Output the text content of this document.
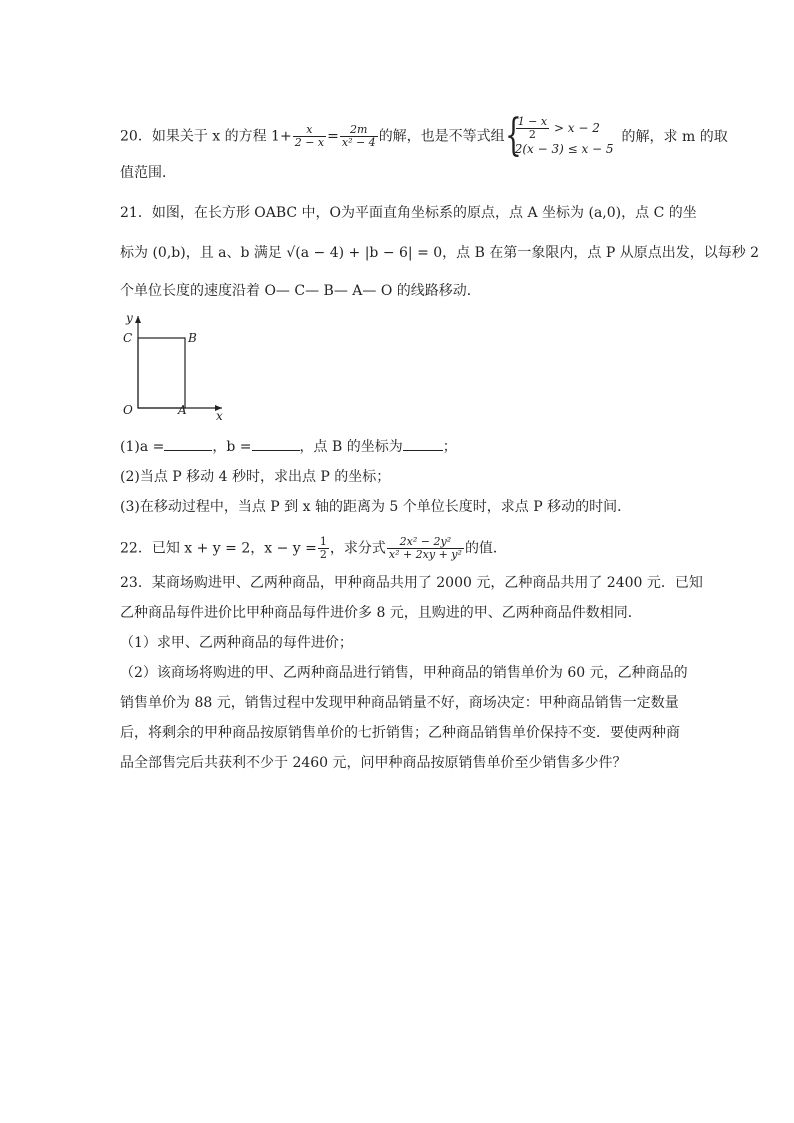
20．如果关于 x 的方程 $1+ \frac{x}{2 - x} = \frac{2m}{\text{x² − 4}}$ 的解，也是不等式组 {
$\frac{1 - x}{2} > x - 2$
2(x − 3) ≤ x − 5
的解，求 m 的取
值范围．
21．如图，在长方形 OABC 中，O为平面直角坐标系的原点，点 A 坐标为 (a,0)，点 C 的坐
标为 (0,b)，且 a、b 满足 √(a − 4) + |b − 6| = 0，点 B 在第一象限内，点 P 从原点出发，以每秒 2
个单位长度的速度沿着 O— C— B— A— O 的线路移动．
y
x
C	B
O	A
(1)a =	，b =	，点 B 的坐标为	；
(2)当点 P 移动 4 秒时，求出点 P 的坐标；
(3)在移动过程中，当点 P 到 x 轴的距离为 5 个单位长度时，求点 P 移动的时间．
22．已知 x + y = 2，$x - y = \frac{1}{2}$ ，求分式 $\frac{\text{2x² − 2y²}}{\text{x² + 2xy + y²}}$ 的值．
23．某商场购进甲、乙两种商品，甲种商品共用了 2000 元，乙种商品共用了 2400 元．已知
乙种商品每件进价比甲种商品每件进价多 8 元，且购进的甲、乙两种商品件数相同．
（1）求甲、乙两种商品的每件进价；
（2）该商场将购进的甲、乙两种商品进行销售，甲种商品的销售单价为 60 元，乙种商品的
销售单价为 88 元，销售过程中发现甲种商品销量不好，商场决定：甲种商品销售一定数量
后，将剩余的甲种商品按原销售单价的七折销售；乙种商品销售单价保持不变．要使两种商
品全部售完后共获利不少于 2460 元，问甲种商品按原销售单价至少销售多少件？
